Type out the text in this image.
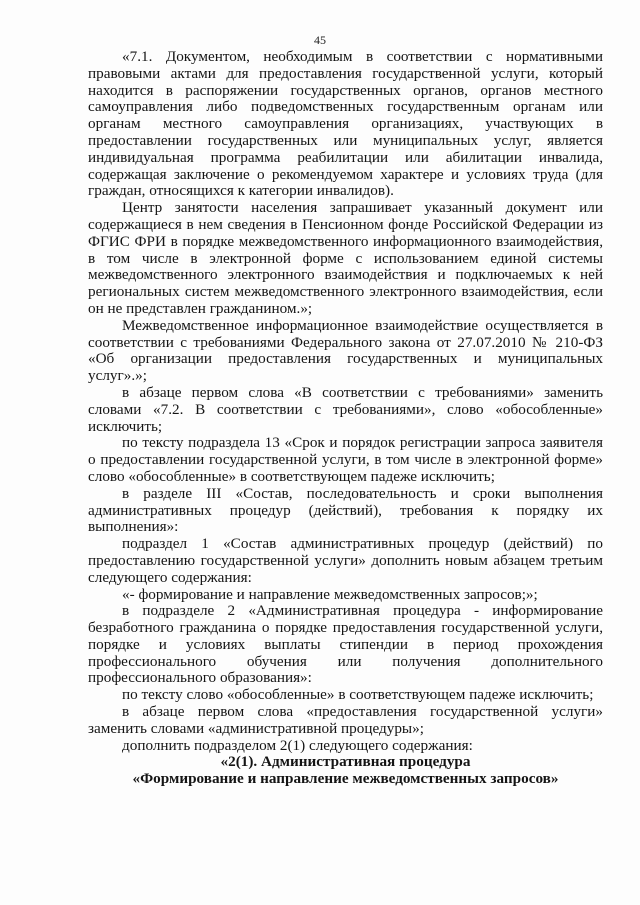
45

«7.1. Документом, необходимым в соответствии с нормативными
правовыми актами для предоставления государственной услуги, который
находится в распоряжении государственных органов, органов местного
самоуправления либо подведомственных государственным органам или
органам местного самоуправления организациях, участвующих в
предоставлении государственных или муниципальных услуг, является
индивидуальная программа реабилитации или абилитации инвалида,
содержащая заключение о рекомендуемом характере и условиях труда (для
граждан, относящихся к категории инвалидов).

Центр занятости населения запрашивает указанный документ или
содержащиеся в нем сведения в Пенсионном фонде Российской Федерации из
ФГИС ФРИ в порядке межведомственного информационного взаимодействия,
в том числе в электронной форме с использованием единой системы
межведомственного электронного взаимодействия и подключаемых к ней
региональных систем межведомственного электронного взаимодействия, если
он не представлен гражданином.»;

Межведомственное информационное взаимодействие осуществляется в
соответствии с требованиями Федерального закона от 27.07.2010 № 210-ФЗ
«Об организации предоставления государственных и муниципальных
услуг».»;

в абзаце первом слова «В соответствии с требованиями» заменить
словами «7.2. В соответствии с требованиями», слово «обособленные»
исключить;

по тексту подраздела 13 «Срок и порядок регистрации запроса заявителя
о предоставлении государственной услуги, в том числе в электронной форме»
слово «обособленные» в соответствующем падеже исключить;

в разделе III «Состав, последовательность и сроки выполнения
административных процедур (действий), требования к порядку их
выполнения»:

подраздел 1 «Состав административных процедур (действий) по
предоставлению государственной услуги» дополнить новым абзацем третьим
следующего содержания:

«- формирование и направление межведомственных запросов;»;

в подразделе 2 «Административная процедура - информирование
безработного гражданина о порядке предоставления государственной услуги,
порядке и условиях выплаты стипендии в период прохождения
профессионального обучения или получения дополнительного
профессионального образования»:

по тексту слово «обособленные» в соответствующем падеже исключить;

в абзаце первом слова «предоставления государственной услуги»
заменить словами «административной процедуры»;

дополнить подразделом 2(1) следующего содержания:

«2(1). Административная процедура
«Формирование и направление межведомственных запросов»
